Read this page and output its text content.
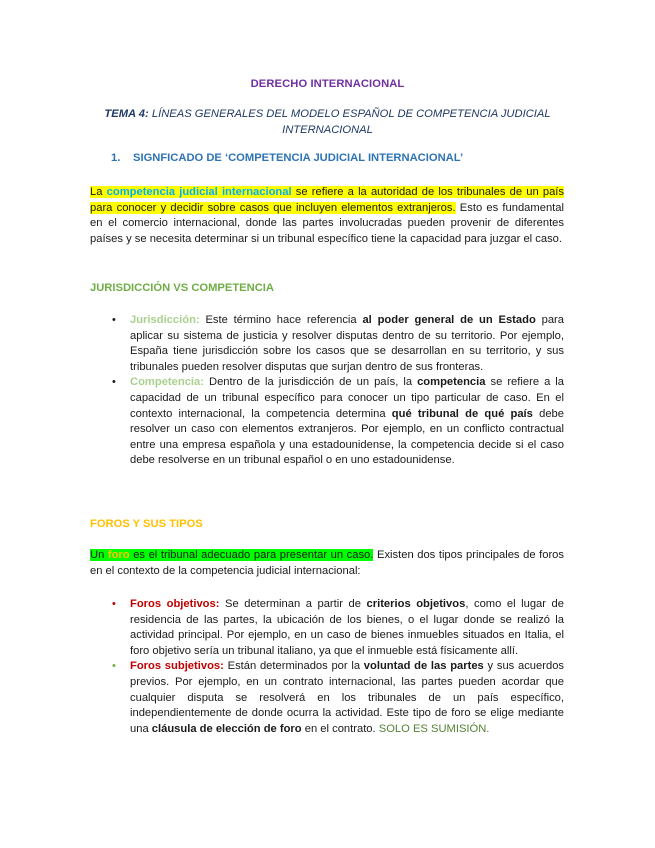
DERECHO INTERNACIONAL
TEMA 4: LÍNEAS GENERALES DEL MODELO ESPAÑOL DE COMPETENCIA JUDICIAL INTERNACIONAL
1. SIGNFICADO DE ‘COMPETENCIA JUDICIAL INTERNACIONAL’
La competencia judicial internacional se refiere a la autoridad de los tribunales de un país para conocer y decidir sobre casos que incluyen elementos extranjeros. Esto es fundamental en el comercio internacional, donde las partes involucradas pueden provenir de diferentes países y se necesita determinar si un tribunal específico tiene la capacidad para juzgar el caso.
JURISDICCIÓN VS COMPETENCIA
•	Jurisdicción: Este término hace referencia al poder general de un Estado para aplicar su sistema de justicia y resolver disputas dentro de su territorio. Por ejemplo, España tiene jurisdicción sobre los casos que se desarrollan en su territorio, y sus tribunales pueden resolver disputas que surjan dentro de sus fronteras.
•	Competencia: Dentro de la jurisdicción de un país, la competencia se refiere a la capacidad de un tribunal específico para conocer un tipo particular de caso. En el contexto internacional, la competencia determina qué tribunal de qué país debe resolver un caso con elementos extranjeros. Por ejemplo, en un conflicto contractual entre una empresa española y una estadounidense, la competencia decide si el caso debe resolverse en un tribunal español o en uno estadounidense.
FOROS Y SUS TIPOS
Un foro es el tribunal adecuado para presentar un caso. Existen dos tipos principales de foros en el contexto de la competencia judicial internacional:
•	Foros objetivos: Se determinan a partir de criterios objetivos, como el lugar de residencia de las partes, la ubicación de los bienes, o el lugar donde se realizó la actividad principal. Por ejemplo, en un caso de bienes inmuebles situados en Italia, el foro objetivo sería un tribunal italiano, ya que el inmueble está físicamente allí.
•	Foros subjetivos: Están determinados por la voluntad de las partes y sus acuerdos previos. Por ejemplo, en un contrato internacional, las partes pueden acordar que cualquier disputa se resolverá en los tribunales de un país específico, independientemente de donde ocurra la actividad. Este tipo de foro se elige mediante una cláusula de elección de foro en el contrato. SOLO ES SUMISIÓN.
